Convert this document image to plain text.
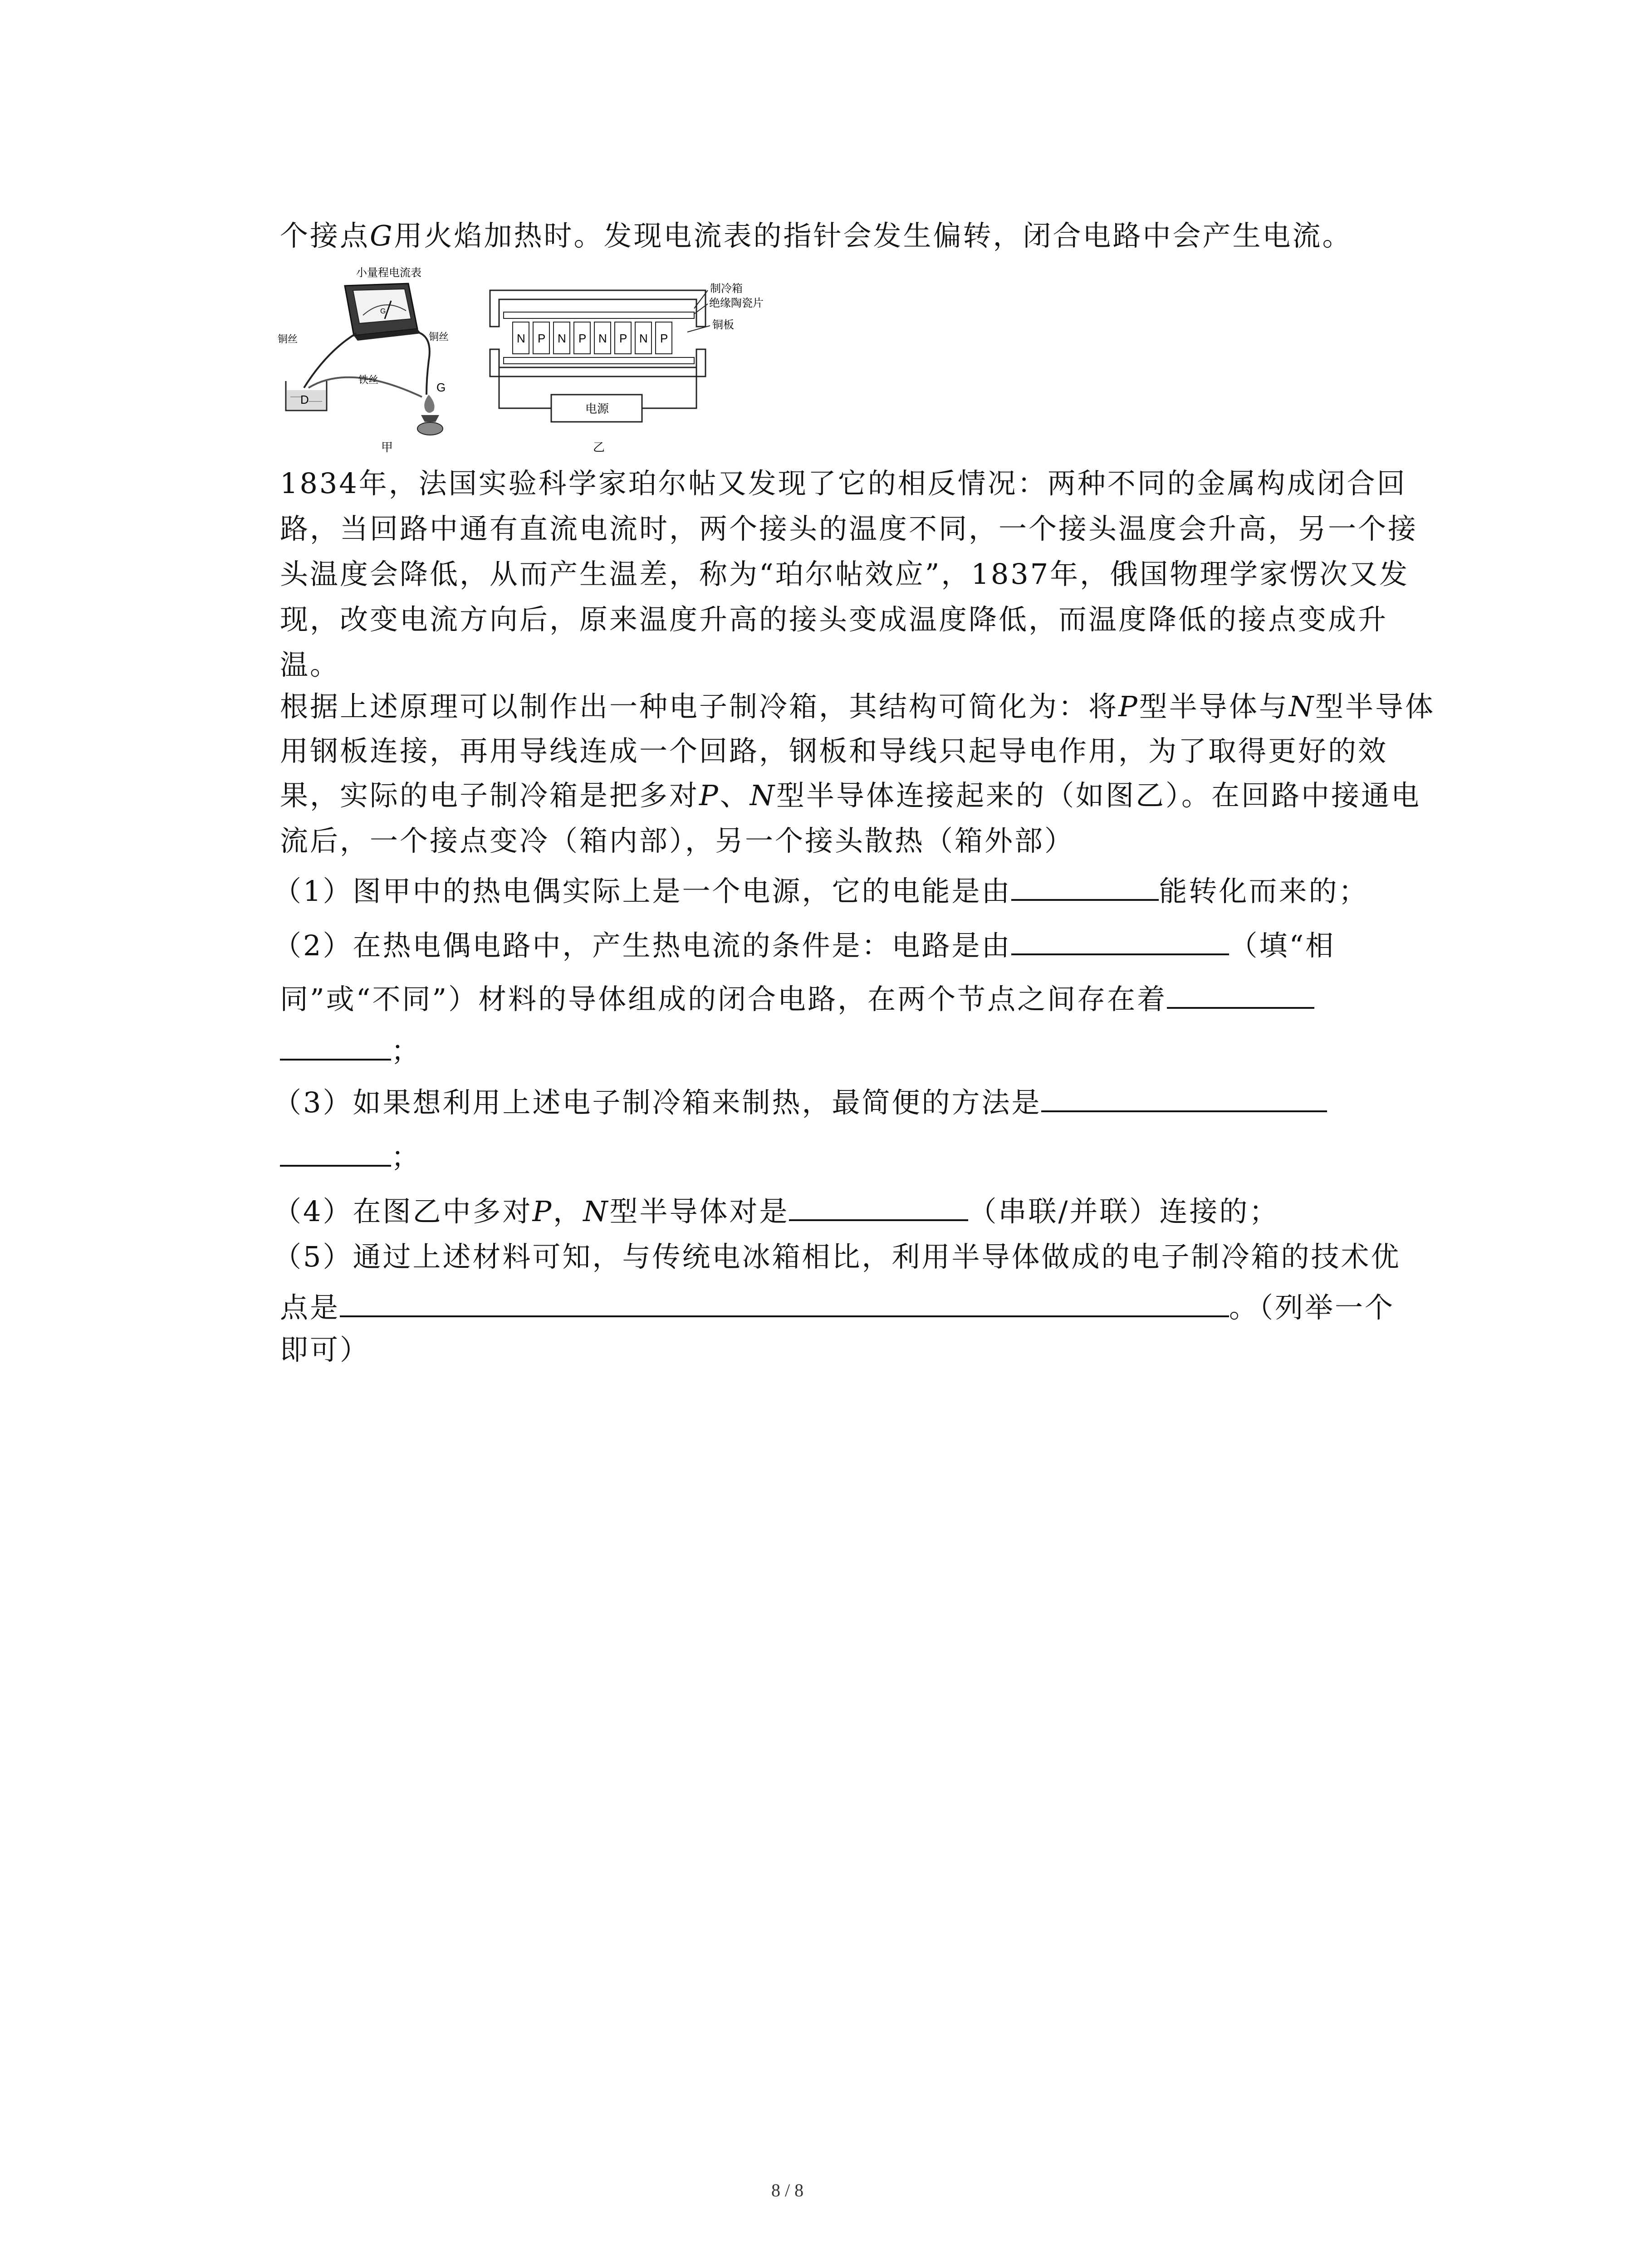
个接点G用火焰加热时。发现电流表的指针会发生偏转，闭合电路中会产生电流。
小量程电流表
G
铜丝	铜丝
铁丝
D
G
甲
N P N P N P N P
制冷箱
绝缘陶瓷片
铜板
电源
乙
1834年，法国实验科学家珀尔帖又发现了它的相反情况：两种不同的金属构成闭合回
路，当回路中通有直流电流时，两个接头的温度不同，一个接头温度会升高，另一个接
头温度会降低，从而产生温差，称为“珀尔帖效应”，1837年，俄国物理学家愣次又发
现，改变电流方向后，原来温度升高的接头变成温度降低，而温度降低的接点变成升
温。
根据上述原理可以制作出一种电子制冷箱，其结构可简化为：将P型半导体与N型半导体
用钢板连接，再用导线连成一个回路，钢板和导线只起导电作用，为了取得更好的效
果，实际的电子制冷箱是把多对P、N型半导体连接起来的（如图乙）。在回路中接通电
流后，一个接点变冷（箱内部），另一个接头散热（箱外部）
（1）图甲中的热电偶实际上是一个电源，它的电能是由	能转化而来的；
（2）在热电偶电路中，产生热电流的条件是：电路是由	（填“相
同”或“不同”）材料的导体组成的闭合电路，在两个节点之间存在着
；
（3）如果想利用上述电子制冷箱来制热，最简便的方法是
；
（4）在图乙中多对P，N型半导体对是	（串联/并联）连接的；
（5）通过上述材料可知，与传统电冰箱相比，利用半导体做成的电子制冷箱的技术优
点是	。（列举一个
即可）
8 / 8
